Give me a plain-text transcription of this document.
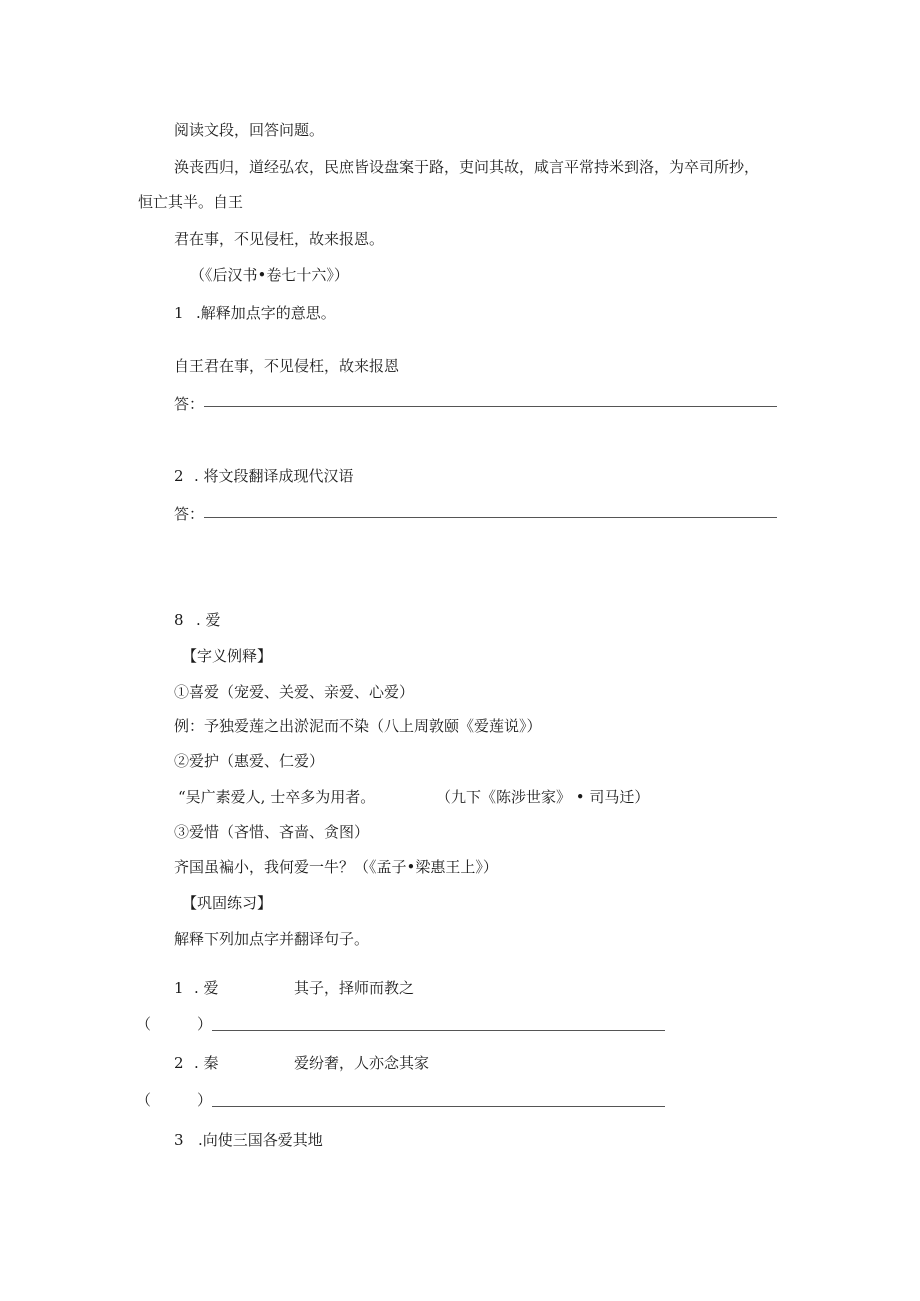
阅读文段，回答问题。
涣丧西归，道经弘农，民庶皆设盘案于路，吏问其故，咸言平常持米到洛，为卒司所抄，
恒亡其半。自王
君在事，不见侵枉，故来报恩。
（《后汉书•卷七十六》）
1 .解释加点字的意思。
自王君在事，不见侵枉，故来报恩
答：
2 . 将文段翻译成现代汉语
答：
8 . 爱
【字义例释】
①喜爱（宠爱、关爱、亲爱、心爱）
例：予独爱莲之出淤泥而不染（八上周敦颐《爱莲说》）
②爱护（惠爱、仁爱）
“吴广素爱人, 士卒多为用者。	（九下《陈涉世家》 • 司马迁）
③爱惜（吝惜、吝啬、贪图）
齐国虽褊小，我何爱一牛？（《孟子•梁惠王上》）
【巩固练习】
解释下列加点字并翻译句子。
1 . 爱	其子，择师而教之
（	）
2 . 秦	爱纷奢，人亦念其家
（	）
3 .向使三国各爱其地
